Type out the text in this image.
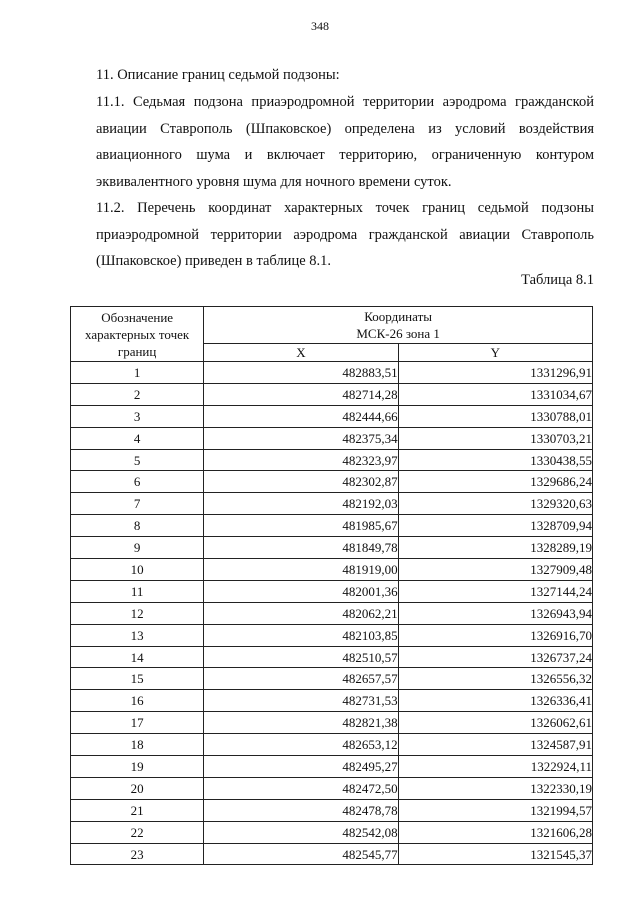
348
11. Описание границ седьмой подзоны:
11.1. Седьмая подзона приаэродромной территории аэродрома гражданской авиации Ставрополь (Шпаковское) определена из условий воздействия авиационного шума и включает территорию, ограниченную контуром эквивалентного уровня шума для ночного времени суток.
11.2. Перечень координат характерных точек границ седьмой подзоны приаэродромной территории аэродрома гражданской авиации Ставрополь (Шпаковское) приведен в таблице 8.1.
Таблица 8.1
Обозначение характерных точек границ	Координаты
МСК-26 зона 1	
	X	Y
1	482883,51	1331296,91
2	482714,28	1331034,67
3	482444,66	1330788,01
4	482375,34	1330703,21
5	482323,97	1330438,55
6	482302,87	1329686,24
7	482192,03	1329320,63
8	481985,67	1328709,94
9	481849,78	1328289,19
10	481919,00	1327909,48
11	482001,36	1327144,24
12	482062,21	1326943,94
13	482103,85	1326916,70
14	482510,57	1326737,24
15	482657,57	1326556,32
16	482731,53	1326336,41
17	482821,38	1326062,61
18	482653,12	1324587,91
19	482495,27	1322924,11
20	482472,50	1322330,19
21	482478,78	1321994,57
22	482542,08	1321606,28
23	482545,77	1321545,37
